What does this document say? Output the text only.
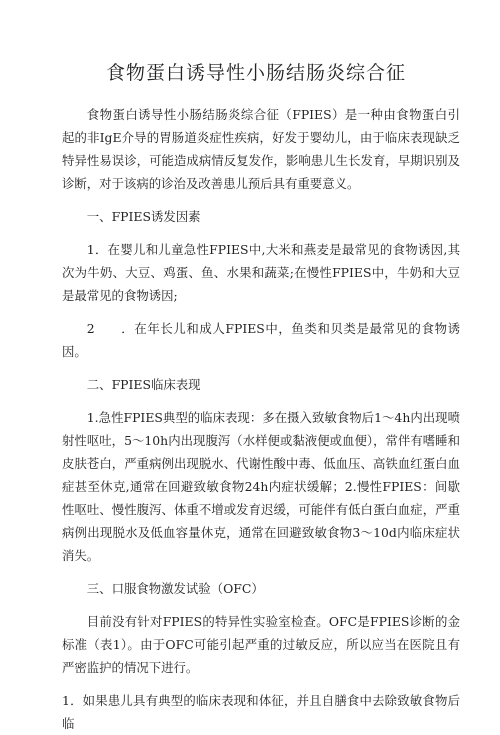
食物蛋白诱导性小肠结肠炎综合征

食物蛋白诱导性小肠结肠炎综合征（FPIES）是一种由食物蛋白引起的非IgE介导的胃肠道炎症性疾病，好发于婴幼儿，由于临床表现缺乏特异性易误诊，可能造成病情反复发作，影响患儿生长发育，早期识别及诊断，对于该病的诊治及改善患儿预后具有重要意义。

一、FPIES诱发因素

1．在婴儿和儿童急性FPIES中,大米和燕麦是最常见的食物诱因,其次为牛奶、大豆、鸡蛋、鱼、水果和蔬菜;在慢性FPIES中，牛奶和大豆是最常见的食物诱因;

2 ．在年长儿和成人FPIES中，鱼类和贝类是最常见的食物诱因。

二、FPIES临床表现

1.急性FPIES典型的临床表现：多在摄入致敏食物后1～4h内出现喷射性呕吐，5～10h内出现腹泻（水样便或黏液便或血便），常伴有嗜睡和皮肤苍白，严重病例出现脱水、代谢性酸中毒、低血压、高铁血红蛋白血症甚至休克,通常在回避致敏食物24h内症状缓解；2.慢性FPIES：间歇性呕吐、慢性腹泻、体重不增或发育迟缓，可能伴有低白蛋白血症，严重病例出现脱水及低血容量休克，通常在回避致敏食物3～10d内临床症状消失。

三、口服食物激发试验（OFC）

目前没有针对FPIES的特异性实验室检查。OFC是FPIES诊断的金标准（表1）。由于OFC可能引起严重的过敏反应，所以应当在医院且有严密监护的情况下进行。

1．如果患儿具有典型的临床表现和体征，并且自膳食中去除致敏食物后临
